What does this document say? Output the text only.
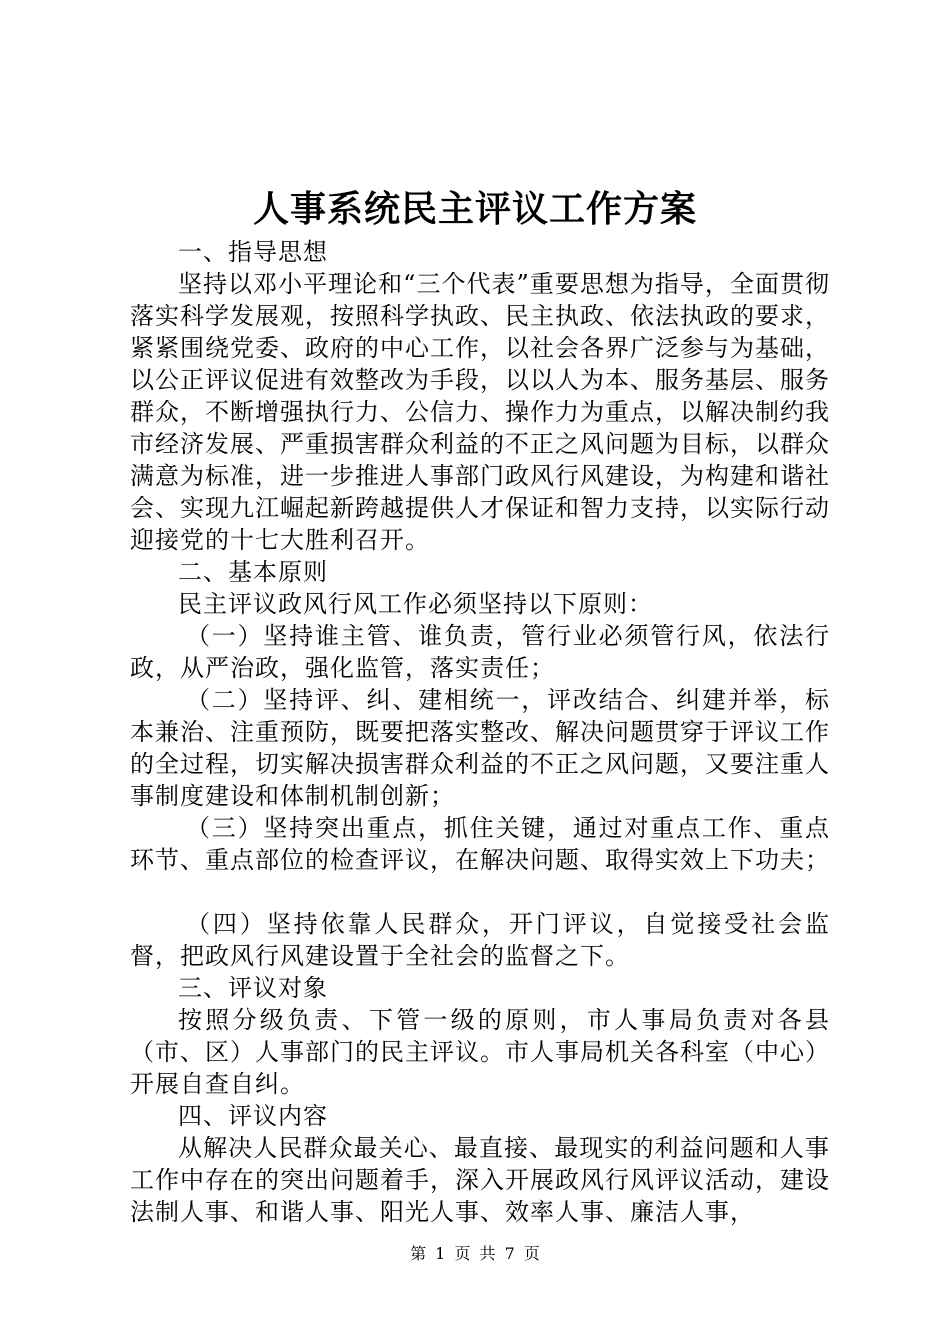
人事系统民主评议工作方案

一、指导思想

坚持以邓小平理论和“三个代表”重要思想为指导，全面贯彻落实科学发展观，按照科学执政、民主执政、依法执政的要求，紧紧围绕党委、政府的中心工作，以社会各界广泛参与为基础，以公正评议促进有效整改为手段，以以人为本、服务基层、服务群众，不断增强执行力、公信力、操作力为重点，以解决制约我市经济发展、严重损害群众利益的不正之风问题为目标，以群众满意为标准，进一步推进人事部门政风行风建设，为构建和谐社会、实现九江崛起新跨越提供人才保证和智力支持，以实际行动迎接党的十七大胜利召开。

二、基本原则

民主评议政风行风工作必须坚持以下原则：

（一）坚持谁主管、谁负责，管行业必须管行风，依法行政，从严治政，强化监管，落实责任；

（二）坚持评、纠、建相统一，评改结合、纠建并举，标本兼治、注重预防，既要把落实整改、解决问题贯穿于评议工作的全过程，切实解决损害群众利益的不正之风问题，又要注重人事制度建设和体制机制创新；

（三）坚持突出重点，抓住关键，通过对重点工作、重点环节、重点部位的检查评议，在解决问题、取得实效上下功夫；

（四）坚持依靠人民群众，开门评议，自觉接受社会监督，把政风行风建设置于全社会的监督之下。

三、评议对象

按照分级负责、下管一级的原则，市人事局负责对各县（市、区）人事部门的民主评议。市人事局机关各科室（中心）开展自查自纠。

四、评议内容

从解决人民群众最关心、最直接、最现实的利益问题和人事工作中存在的突出问题着手，深入开展政风行风评议活动，建设法制人事、和谐人事、阳光人事、效率人事、廉洁人事，

第 1 页 共 7 页
